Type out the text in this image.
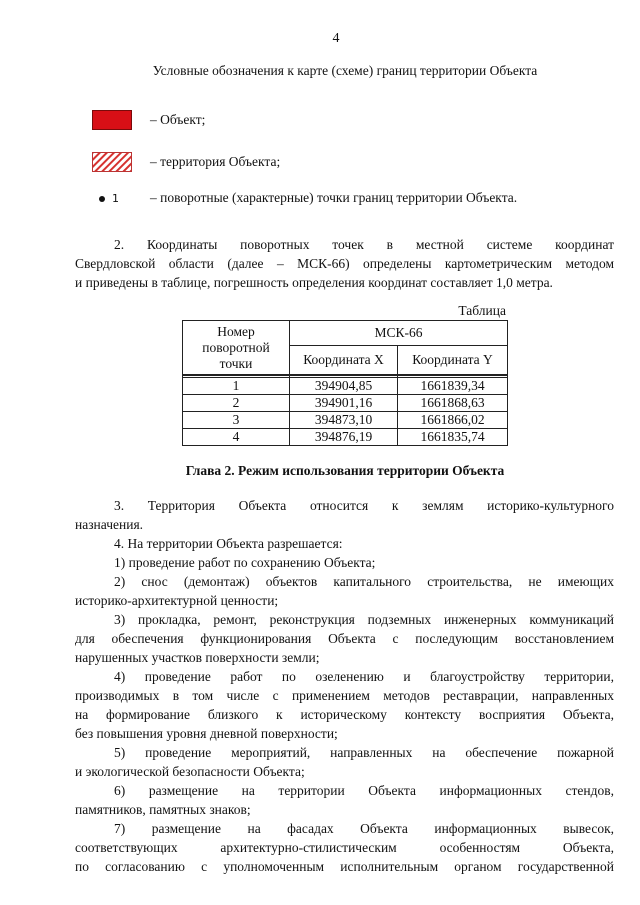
4
Условные обозначения к карте (схеме) границ территории Объекта
– Объект;
– территория Объекта;
1 – поворотные (характерные) точки границ территории Объекта.
2. Координаты поворотных точек в местной системе координат
Свердловской области (далее – МСК-66) определены картометрическим методом
и приведены в таблице, погрешность определения координат составляет 1,0 метра.
Таблица
Номер
поворотной
точки	МСК-66	
	Координата X	Координата Y

1	394904,85	1661839,34
2	394901,16	1661868,63
3	394873,10	1661866,02
4	394876,19	1661835,74
Глава 2. Режим использования территории Объекта
3. Территория Объекта относится к землям историко-культурного
назначения.
4. На территории Объекта разрешается:
1) проведение работ по сохранению Объекта;
2) снос (демонтаж) объектов капитального строительства, не имеющих
историко-архитектурной ценности;
3) прокладка, ремонт, реконструкция подземных инженерных коммуникаций
для обеспечения функционирования Объекта с последующим восстановлением
нарушенных участков поверхности земли;
4) проведение работ по озеленению и благоустройству территории,
производимых в том числе с применением методов реставрации, направленных
на формирование близкого к историческому контексту восприятия Объекта,
без повышения уровня дневной поверхности;
5) проведение мероприятий, направленных на обеспечение пожарной
и экологической безопасности Объекта;
6) размещение на территории Объекта информационных стендов,
памятников, памятных знаков;
7) размещение на фасадах Объекта информационных вывесок,
соответствующих архитектурно-стилистическим особенностям Объекта,
по согласованию с уполномоченным исполнительным органом государственной
